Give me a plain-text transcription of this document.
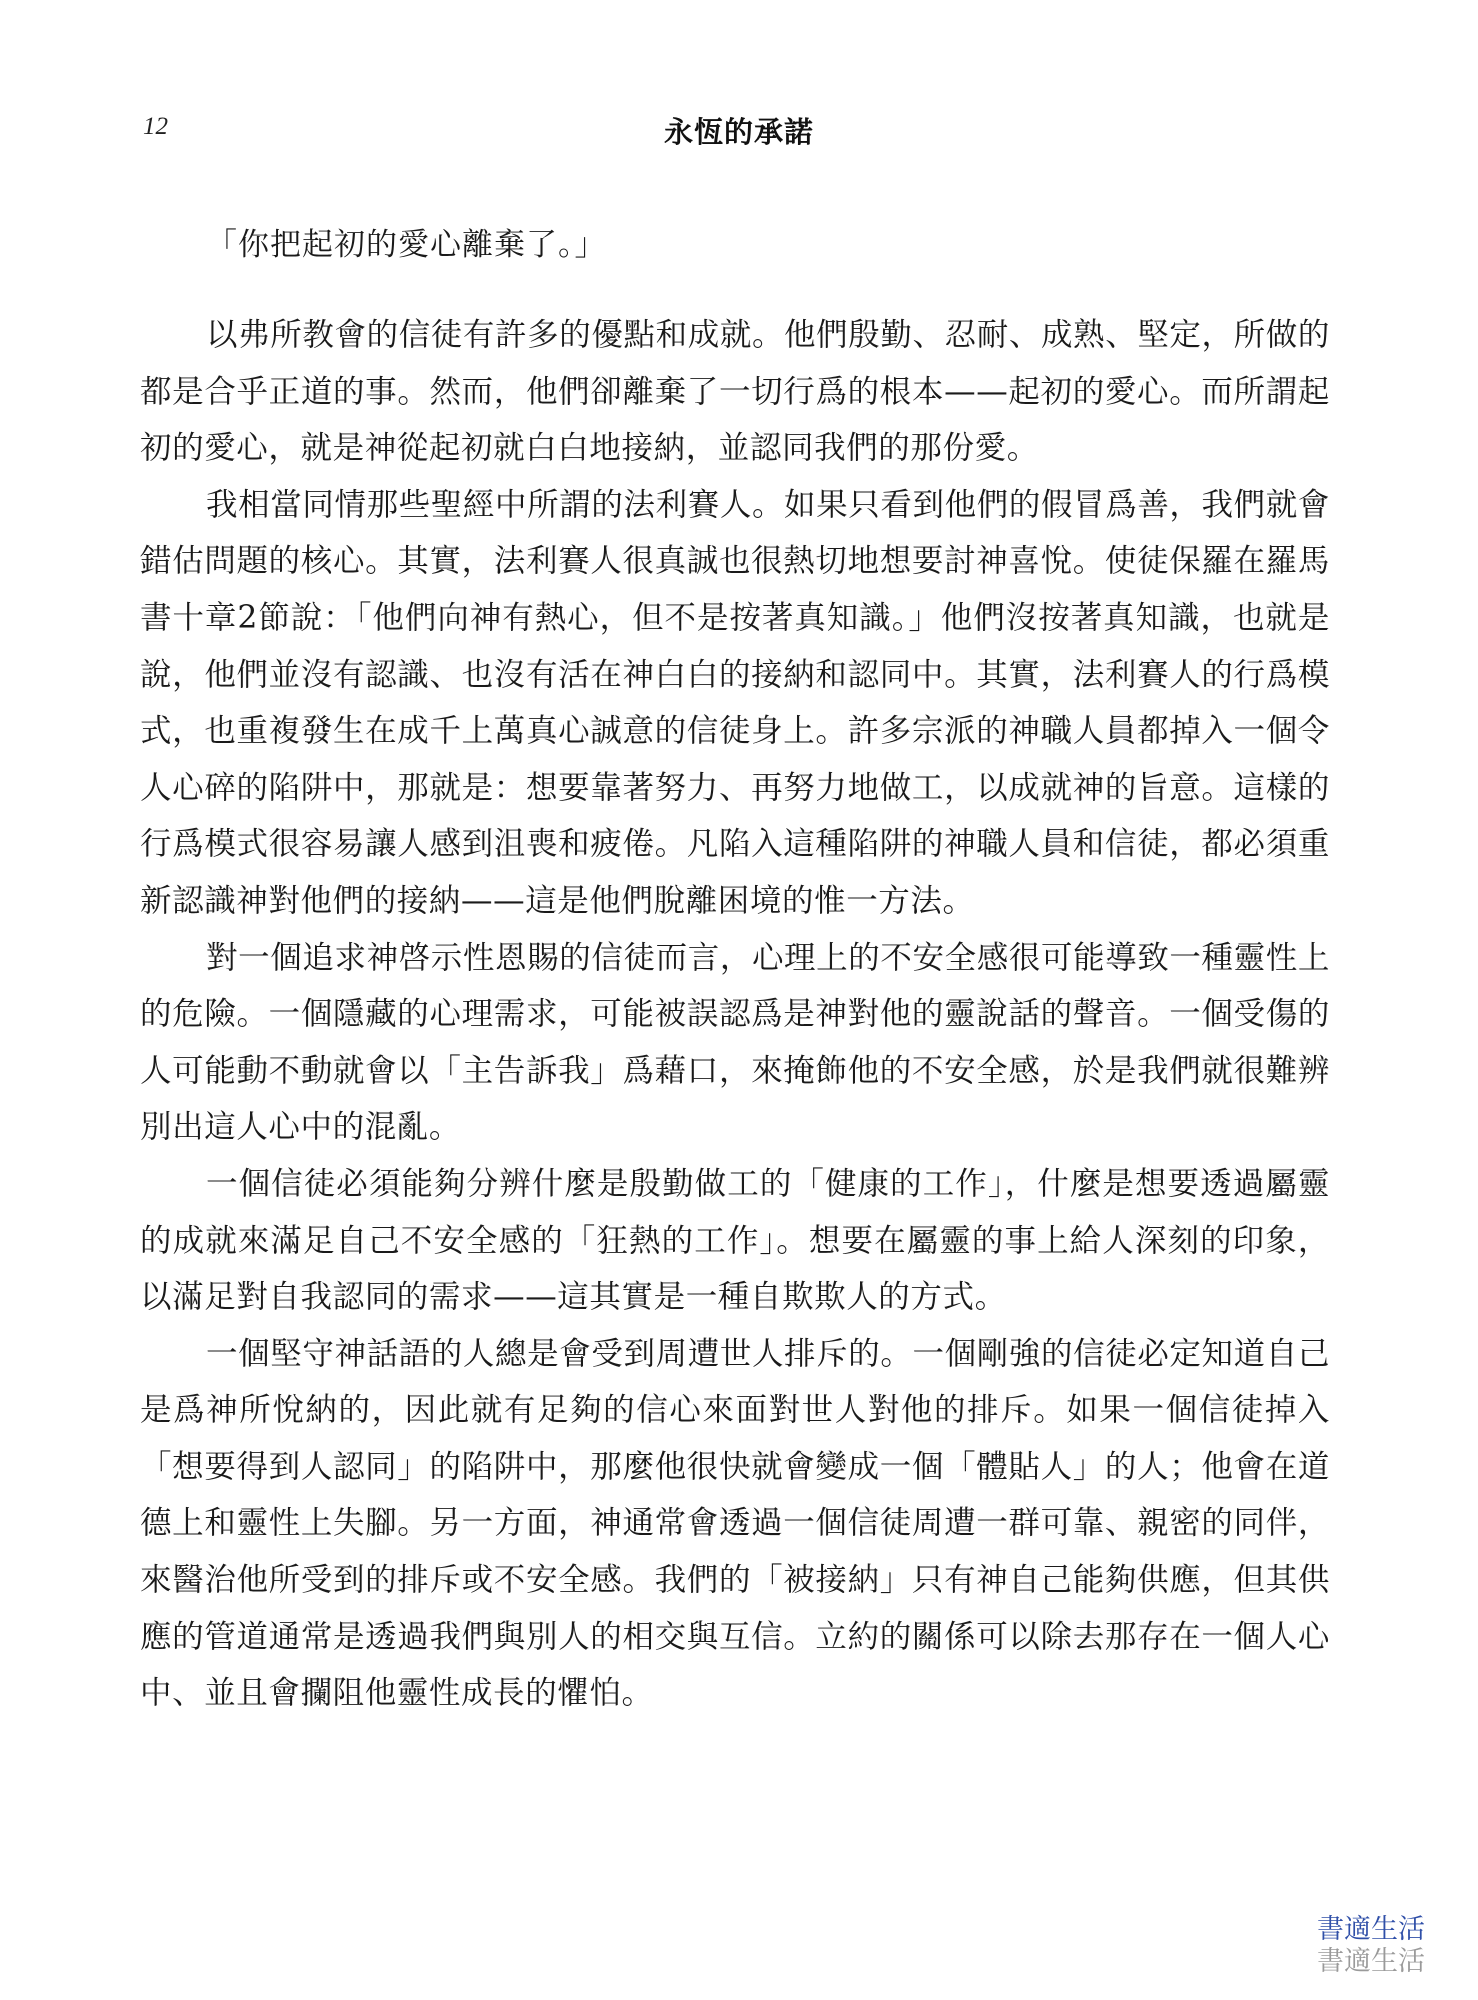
12	永恆的承諾

「你把起初的愛心離棄了。」

以弗所教會的信徒有許多的優點和成就。他們殷勤、忍耐、成熟、堅定，所做的都是合乎正道的事。然而，他們卻離棄了一切行爲的根本——起初的愛心。而所謂起初的愛心，就是神從起初就白白地接納，並認同我們的那份愛。

我相當同情那些聖經中所謂的法利賽人。如果只看到他們的假冒爲善，我們就會錯估問題的核心。其實，法利賽人很真誠也很熱切地想要討神喜悅。使徒保羅在羅馬書十章2節說：「他們向神有熱心，但不是按著真知識。」他們沒按著真知識，也就是說，他們並沒有認識、也沒有活在神白白的接納和認同中。其實，法利賽人的行爲模式，也重複發生在成千上萬真心誠意的信徒身上。許多宗派的神職人員都掉入一個令人心碎的陷阱中，那就是：想要靠著努力、再努力地做工，以成就神的旨意。這樣的行爲模式很容易讓人感到沮喪和疲倦。凡陷入這種陷阱的神職人員和信徒，都必須重新認識神對他們的接納——這是他們脫離困境的惟一方法。

對一個追求神啓示性恩賜的信徒而言，心理上的不安全感很可能導致一種靈性上的危險。一個隱藏的心理需求，可能被誤認爲是神對他的靈說話的聲音。一個受傷的人可能動不動就會以「主告訴我」爲藉口，來掩飾他的不安全感，於是我們就很難辨別出這人心中的混亂。

一個信徒必須能夠分辨什麼是殷勤做工的「健康的工作」，什麼是想要透過屬靈的成就來滿足自己不安全感的「狂熱的工作」。想要在屬靈的事上給人深刻的印象，以滿足對自我認同的需求——這其實是一種自欺欺人的方式。

一個堅守神話語的人總是會受到周遭世人排斥的。一個剛強的信徒必定知道自己是爲神所悅納的，因此就有足夠的信心來面對世人對他的排斥。如果一個信徒掉入「想要得到人認同」的陷阱中，那麼他很快就會變成一個「體貼人」的人；他會在道德上和靈性上失腳。另一方面，神通常會透過一個信徒周遭一群可靠、親密的同伴，來醫治他所受到的排斥或不安全感。我們的「被接納」只有神自己能夠供應，但其供應的管道通常是透過我們與別人的相交與互信。立約的關係可以除去那存在一個人心中、並且會攔阻他靈性成長的懼怕。

書適生活
書適生活
